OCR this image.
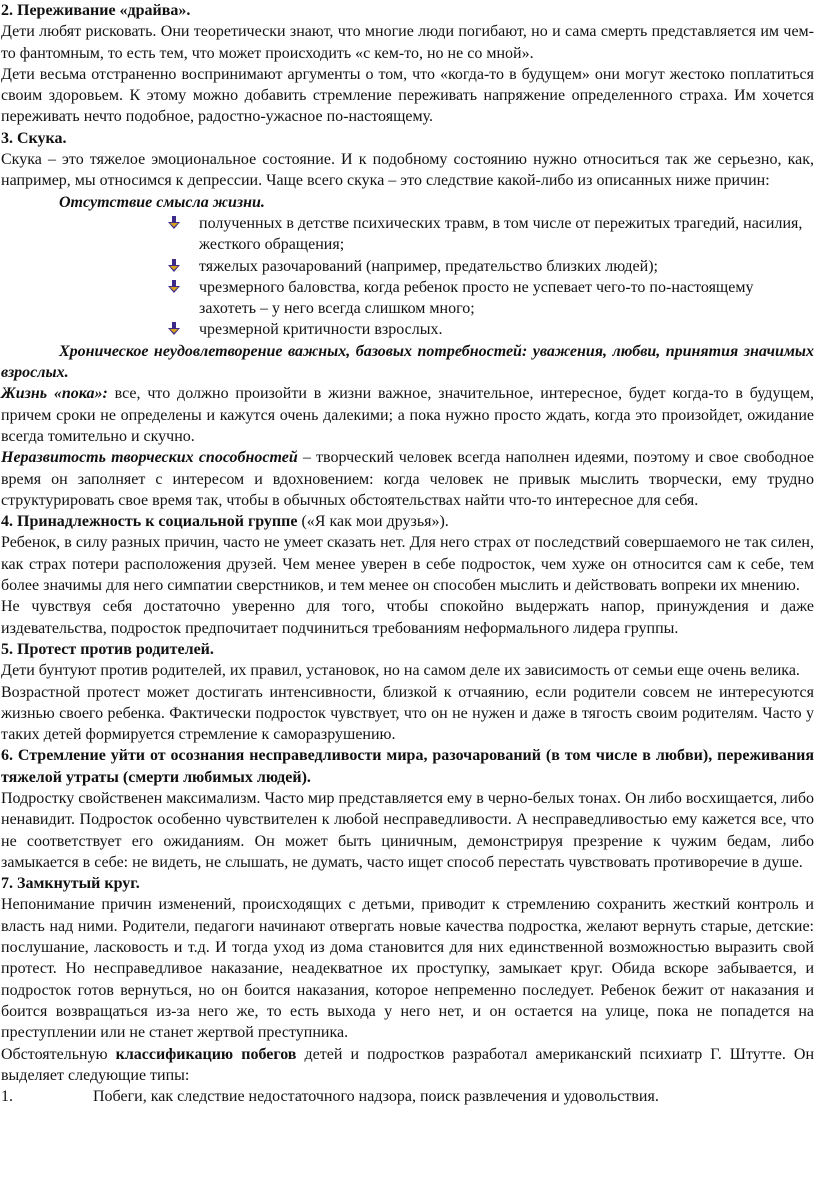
2. Переживание «драйва».

Дети любят рисковать. Они теоретически знают, что многие люди погибают, но и сама смерть представляется им чем-то фантомным, то есть тем, что может происходить «с кем-то, но не со мной».

Дети весьма отстраненно воспринимают аргументы о том, что «когда-то в будущем» они могут жестоко поплатиться своим здоровьем. К этому можно добавить стремление переживать напряжение определенного страха. Им хочется переживать нечто подобное, радостно-ужасное по-настоящему.

3. Скука.

Скука – это тяжелое эмоциональное состояние. И к подобному состоянию нужно относиться так же серьезно, как, например, мы относимся к депрессии. Чаще всего скука – это следствие какой-либо из описанных ниже причин:

Отсутствие смысла жизни.
полученных в детстве психических травм, в том числе от пережитых трагедий, насилия, жесткого обращения;
тяжелых разочарований (например, предательство близких людей);
чрезмерного баловства, когда ребенок просто не успевает чего-то по-настоящему захотеть – у него всегда слишком много;
чрезмерной критичности взрослых.

Хроническое неудовлетворение важных, базовых потребностей: уважения, любви, принятия значимых взрослых.

Жизнь «пока»: все, что должно произойти в жизни важное, значительное, интересное, будет когда-то в будущем, причем сроки не определены и кажутся очень далекими; а пока нужно просто ждать, когда это произойдет, ожидание всегда томительно и скучно.

Неразвитость творческих способностей – творческий человек всегда наполнен идеями, поэтому и свое свободное время он заполняет с интересом и вдохновением: когда человек не привык мыслить творчески, ему трудно структурировать свое время так, чтобы в обычных обстоятельствах найти что-то интересное для себя.

4. Принадлежность к социальной группе («Я как мои друзья»).

Ребенок, в силу разных причин, часто не умеет сказать нет. Для него страх от последствий совершаемого не так силен, как страх потери расположения друзей. Чем менее уверен в себе подросток, чем хуже он относится сам к себе, тем более значимы для него симпатии сверстников, и тем менее он способен мыслить и действовать вопреки их мнению.

Не чувствуя себя достаточно уверенно для того, чтобы спокойно выдержать напор, принуждения и даже издевательства, подросток предпочитает подчиниться требованиям неформального лидера группы.

5. Протест против родителей.

Дети бунтуют против родителей, их правил, установок, но на самом деле их зависимость от семьи еще очень велика.

Возрастной протест может достигать интенсивности, близкой к отчаянию, если родители совсем не интересуются жизнью своего ребенка. Фактически подросток чувствует, что он не нужен и даже в тягость своим родителям. Часто у таких детей формируется стремление к саморазрушению.

6. Стремление уйти от осознания несправедливости мира, разочарований (в том числе в любви), переживания тяжелой утраты (смерти любимых людей).

Подростку свойственен максимализм. Часто мир представляется ему в черно-белых тонах. Он либо восхищается, либо ненавидит. Подросток особенно чувствителен к любой несправедливости. А несправедливостью ему кажется все, что не соответствует его ожиданиям. Он может быть циничным, демонстрируя презрение к чужим бедам, либо замыкается в себе: не видеть, не слышать, не думать, часто ищет способ перестать чувствовать противоречие в душе.

7. Замкнутый круг.

Непонимание причин изменений, происходящих с детьми, приводит к стремлению сохранить жесткий контроль и власть над ними. Родители, педагоги начинают отвергать новые качества подростка, желают вернуть старые, детские: послушание, ласковость и т.д. И тогда уход из дома становится для них единственной возможностью выразить свой протест. Но несправедливое наказание, неадекватное их проступку, замыкает круг. Обида вскоре забывается, и подросток готов вернуться, но он боится наказания, которое непременно последует. Ребенок бежит от наказания и боится возвращаться из-за него же, то есть выхода у него нет, и он остается на улице, пока не попадется на преступлении или не станет жертвой преступника.

Обстоятельную классификацию побегов детей и подростков разработал американский психиатр Г. Штутте. Он выделяет следующие типы:

1.	Побеги, как следствие недостаточного надзора, поиск развлечения и удовольствия.
